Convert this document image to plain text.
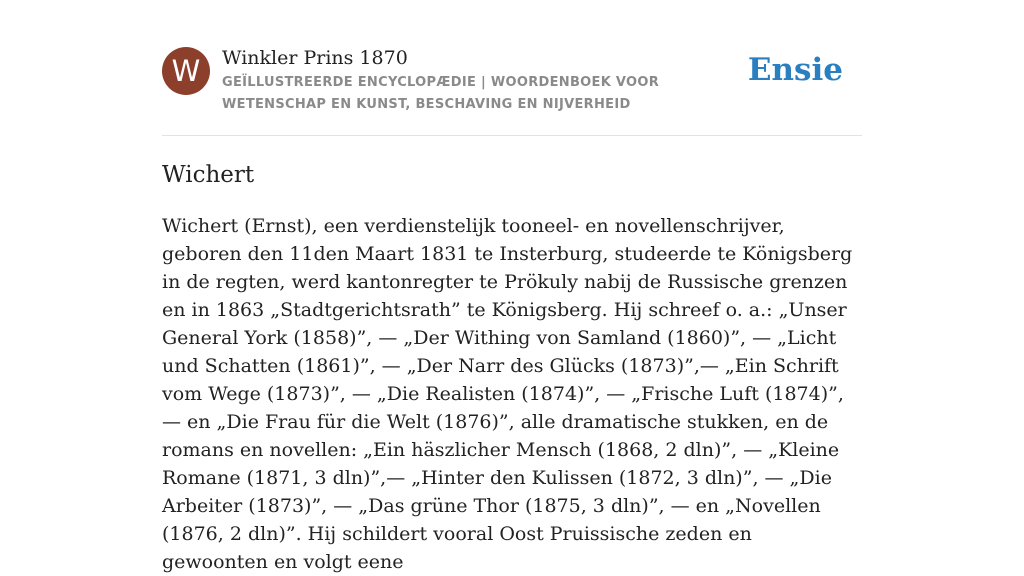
W	Winkler Prins 1870

GEÏLLUSTREERDE ENCYCLOPÆDIE | WOORDENBOEK VOOR WETENSCHAP EN KUNST, BESCHAVING EN NIJVERHEID

Ensie
Wichert

Wichert (Ernst), een verdienstelijk tooneel- en novellenschrijver, geboren den 11den Maart 1831 te Insterburg, studeerde te Königsberg in de regten, werd kantonregter te Prökuly nabij de Russische grenzen en in 1863 „Stadtgerichtsrath” te Königsberg. Hij schreef o. a.: „Unser General York (1858)”, — „Der Withing von Samland (1860)”, — „Licht und Schatten (1861)”, — „Der Narr des Glücks (1873)”,— „Ein Schrift vom Wege (1873)”, — „Die Realisten (1874)”, — „Frische Luft (1874)”, — en „Die Frau für die Welt (1876)”, alle dramatische stukken, en de romans en novellen: „Ein häszlicher Mensch (1868, 2 dln)”, — „Kleine Romane (1871, 3 dln)”,— „Hinter den Kulissen (1872, 3 dln)”, — „Die Arbeiter (1873)”, — „Das grüne Thor (1875, 3 dln)”, — en „Novellen (1876, 2 dln)”. Hij schildert vooral Oost Pruissische zeden en gewoonten en volgt eene
